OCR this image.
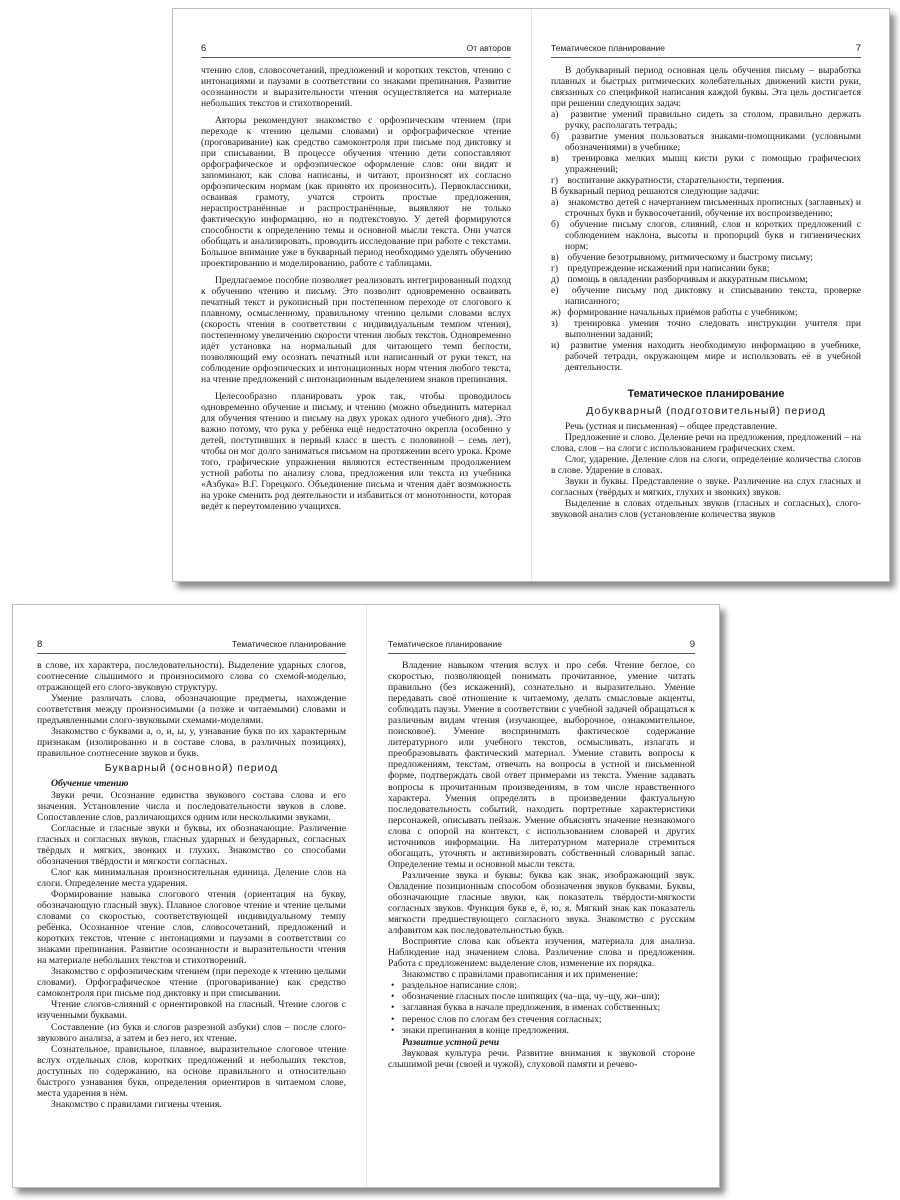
6	От авторов

чтению слов, словосочетаний, предложений и коротких текстов, чтению с интонациями и паузами в соответствии со знаками препинания. Развитие осознанности и выразительности чтения осуществляется на материале небольших текстов и стихотворений.

Авторы рекомендуют знакомство с орфоэпическим чтением (при переходе к чтению целыми словами) и орфографическое чтение (проговаривание) как средство самоконтроля при письме под диктовку и при списывании. В процессе обучения чтению дети сопоставляют орфографическое и орфоэпическое оформление слов: они видят и запоминают, как слова написаны, и читают, произносят их согласно орфоэпическим нормам (как принято их произносить). Первоклассники, осваивая грамоту, учатся строить простые предложения, нераспространённые и распространённые, выявляют не только фактическую информацию, но и подтекстовую. У детей формируются способности к определению темы и основной мысли текста. Они учатся обобщать и анализировать, проводить исследование при работе с текстами. Большое внимание уже в букварный период необходимо уделять обучению проектированию и моделированию, работе с таблицами.

Предлагаемое пособие позволяет реализовать интегрированный подход к обучению чтению и письму. Это позволит одновременно осваивать печатный текст и рукописный при постепенном переходе от слогового к плавному, осмысленному, правильному чтению целыми словами вслух (скорость чтения в соответствии с индивидуальным темпом чтения), постепенному увеличению скорости чтения любых текстов. Одновременно идёт установка на нормальный для читающего темп беглости, позволяющий ему осознать печатный или написанный от руки текст, на соблюдение орфоэпических и интонационных норм чтения любого текста, на чтение предложений с интонационным выделением знаков препинания.

Целесообразно планировать урок так, чтобы проводилось одновременно обучение и письму, и чтению (можно объединить материал для обучения чтению и письму на двух уроках одного учебного дня). Это важно потому, что рука у ребёнка ещё недостаточно окрепла (особенно у детей, поступивших в первый класс в шесть с половиной – семь лет), чтобы он мог долго заниматься письмом на протяжении всего урока. Кроме того, графические упражнения являются естественным продолжением устной работы по анализу слова, предложения или текста из учебника «Азбука» В.Г. Горецкого. Объединение письма и чтения даёт возможность на уроке сменить род деятельности и избавиться от монотонности, которая ведёт к переутомлению учащихся.

Тематическое планирование	7

В добукварный период основная цель обучения письму – выработка плавных и быстрых ритмических колебательных движений кисти руки, связанных со спецификой написания каждой буквы. Эта цель достигается при решении следующих задач:

а) развитие умений правильно сидеть за столом, правильно держать ручку, располагать тетрадь;
б) развитие умения пользоваться знаками-помощниками (условными обозначениями) в учебнике;
в) тренировка мелких мышц кисти руки с помощью графических упражнений;
г) воспитание аккуратности, старательности, терпения.

В букварный период решаются следующие задачи:

а) знакомство детей с начертанием письменных прописных (заглавных) и строчных букв и буквосочетаний, обучение их воспроизведению;
б) обучение письму слогов, слияний, слов и коротких предложений с соблюдением наклона, высоты и пропорций букв и гигиенических норм;
в) обучение безотрывному, ритмическому и быстрому письму;
г) предупреждение искажений при написании букв;
д) помощь в овладении разборчивым и аккуратным письмом;
е) обучение письму под диктовку и списыванию текста, проверке написанного;
ж) формирование начальных приёмов работы с учебником;
з) тренировка умения точно следовать инструкции учителя при выполнении заданий;
и) развитие умения находить необходимую информацию в учебнике, рабочей тетради, окружающем мире и использовать её в учебной деятельности.
Тематическое планирование
Добукварный (подготовительный) период

Речь (устная и письменная) – общее представление.

Предложение и слово. Деление речи на предложения, предложений – на слова, слов – на слоги с использованием графических схем.

Слог, ударение. Деление слов на слоги, определение количества слогов в слове. Ударение в словах.

Звуки и буквы. Представление о звуке. Различение на слух гласных и согласных (твёрдых и мягких, глухих и звонких) звуков.

Выделение в словах отдельных звуков (гласных и согласных), слого-звуковой анализ слов (установление количества звуков

8	Тематическое планирование

в слове, их характера, последовательности). Выделение ударных слогов, соотнесение слышимого и произносимого слова со схемой-моделью, отражающей его слого-звуковую структуру.

Умение различать слова, обозначающие предметы, нахождение соответствия между произносимыми (а позже и читаемыми) словами и предъявленными слого-звуковыми схемами-моделями.

Знакомство с буквами а, о, и, ы, у, узнавание букв по их характерным признакам (изолированно и в составе слова, в различных позициях), правильное соотнесение звуков и букв.

Букварный (основной) период

Обучение чтению

Звуки речи. Осознание единства звукового состава слова и его значения. Установление числа и последовательности звуков в слове. Сопоставление слов, различающихся одним или несколькими звуками.

Согласные и гласные звуки и буквы, их обозначающие. Различение гласных и согласных звуков, гласных ударных и безударных, согласных твёрдых и мягких, звонких и глухих. Знакомство со способами обозначения твёрдости и мягкости согласных.

Слог как минимальная произносительная единица. Деление слов на слоги. Определение места ударения.

Формирование навыка слогового чтения (ориентация на букву, обозначающую гласный звук). Плавное слоговое чтение и чтение целыми словами со скоростью, соответствующей индивидуальному темпу ребёнка. Осознанное чтение слов, словосочетаний, предложений и коротких текстов, чтение с интонациями и паузами в соответствии со знаками препинания. Развитие осознанности и выразительности чтения на материале небольших текстов и стихотворений.

Знакомство с орфоэпическим чтением (при переходе к чтению целыми словами). Орфографическое чтение (проговаривание) как средство самоконтроля при письме под диктовку и при списывании.

Чтение слогов-слияний с ориентировкой на гласный. Чтение слогов с изученными буквами.

Составление (из букв и слогов разрезной азбуки) слов – после слого-звукового анализа, а затем и без него, их чтение.

Сознательное, правильное, плавное, выразительное слоговое чтение вслух отдельных слов, коротких предложений и небольших текстов, доступных по содержанию, на основе правильного и относительно быстрого узнавания букв, определения ориентиров в читаемом слове, места ударения в нём.

Знакомство с правилами гигиены чтения.

Тематическое планирование	9

Владение навыком чтения вслух и про себя. Чтение беглое, со скоростью, позволяющей понимать прочитанное, умение читать правильно (без искажений), сознательно и выразительно. Умение передавать своё отношение к читаемому, делать смысловые акценты, соблюдать паузы. Умение в соответствии с учебной задачей обращаться к различным видам чтения (изучающее, выборочное, ознакомительное, поисковое). Умение воспринимать фактическое содержание литературного или учебного текстов, осмысливать, излагать и преобразовывать фактический материал. Умение ставить вопросы к предложениям, текстам, отвечать на вопросы в устной и письменной форме, подтверждать свой ответ примерами из текста. Умение задавать вопросы к прочитанным произведениям, в том числе нравственного характера. Умения определять в произведении фактуальную последовательность событий, находить портретные характеристики персонажей, описывать пейзаж. Умение объяснять значение незнакомого слова с опорой на контекст, с использованием словарей и других источников информации. На литературном материале стремиться обогащать, уточнять и активизировать собственный словарный запас. Определение темы и основной мысли текста.

Различение звука и буквы: буква как знак, изображающий звук. Овладение позиционным способом обозначения звуков буквами. Буквы, обозначающие гласные звуки, как показатель твёрдости-мягкости согласных звуков. Функция букв е, ё, ю, я. Мягкий знак как показатель мягкости предшествующего согласного звука. Знакомство с русским алфавитом как последовательностью букв.

Восприятие слова как объекта изучения, материала для анализа. Наблюдение над значением слова. Различение слова и предложения. Работа с предложением: выделение слов, изменение их порядка.

Знакомство с правилами правописания и их применение:

• раздельное написание слов;
• обозначение гласных после шипящих (ча–ща, чу–щу, жи–ши);
• заглавная буква в начале предложения, в именах собственных;
• перенос слов по слогам без стечения согласных;
• знаки препинания в конце предложения.

Развитие устной речи

Звуковая культура речи. Развитие внимания к звуковой стороне слышимой речи (своей и чужой), слуховой памяти и речево-
